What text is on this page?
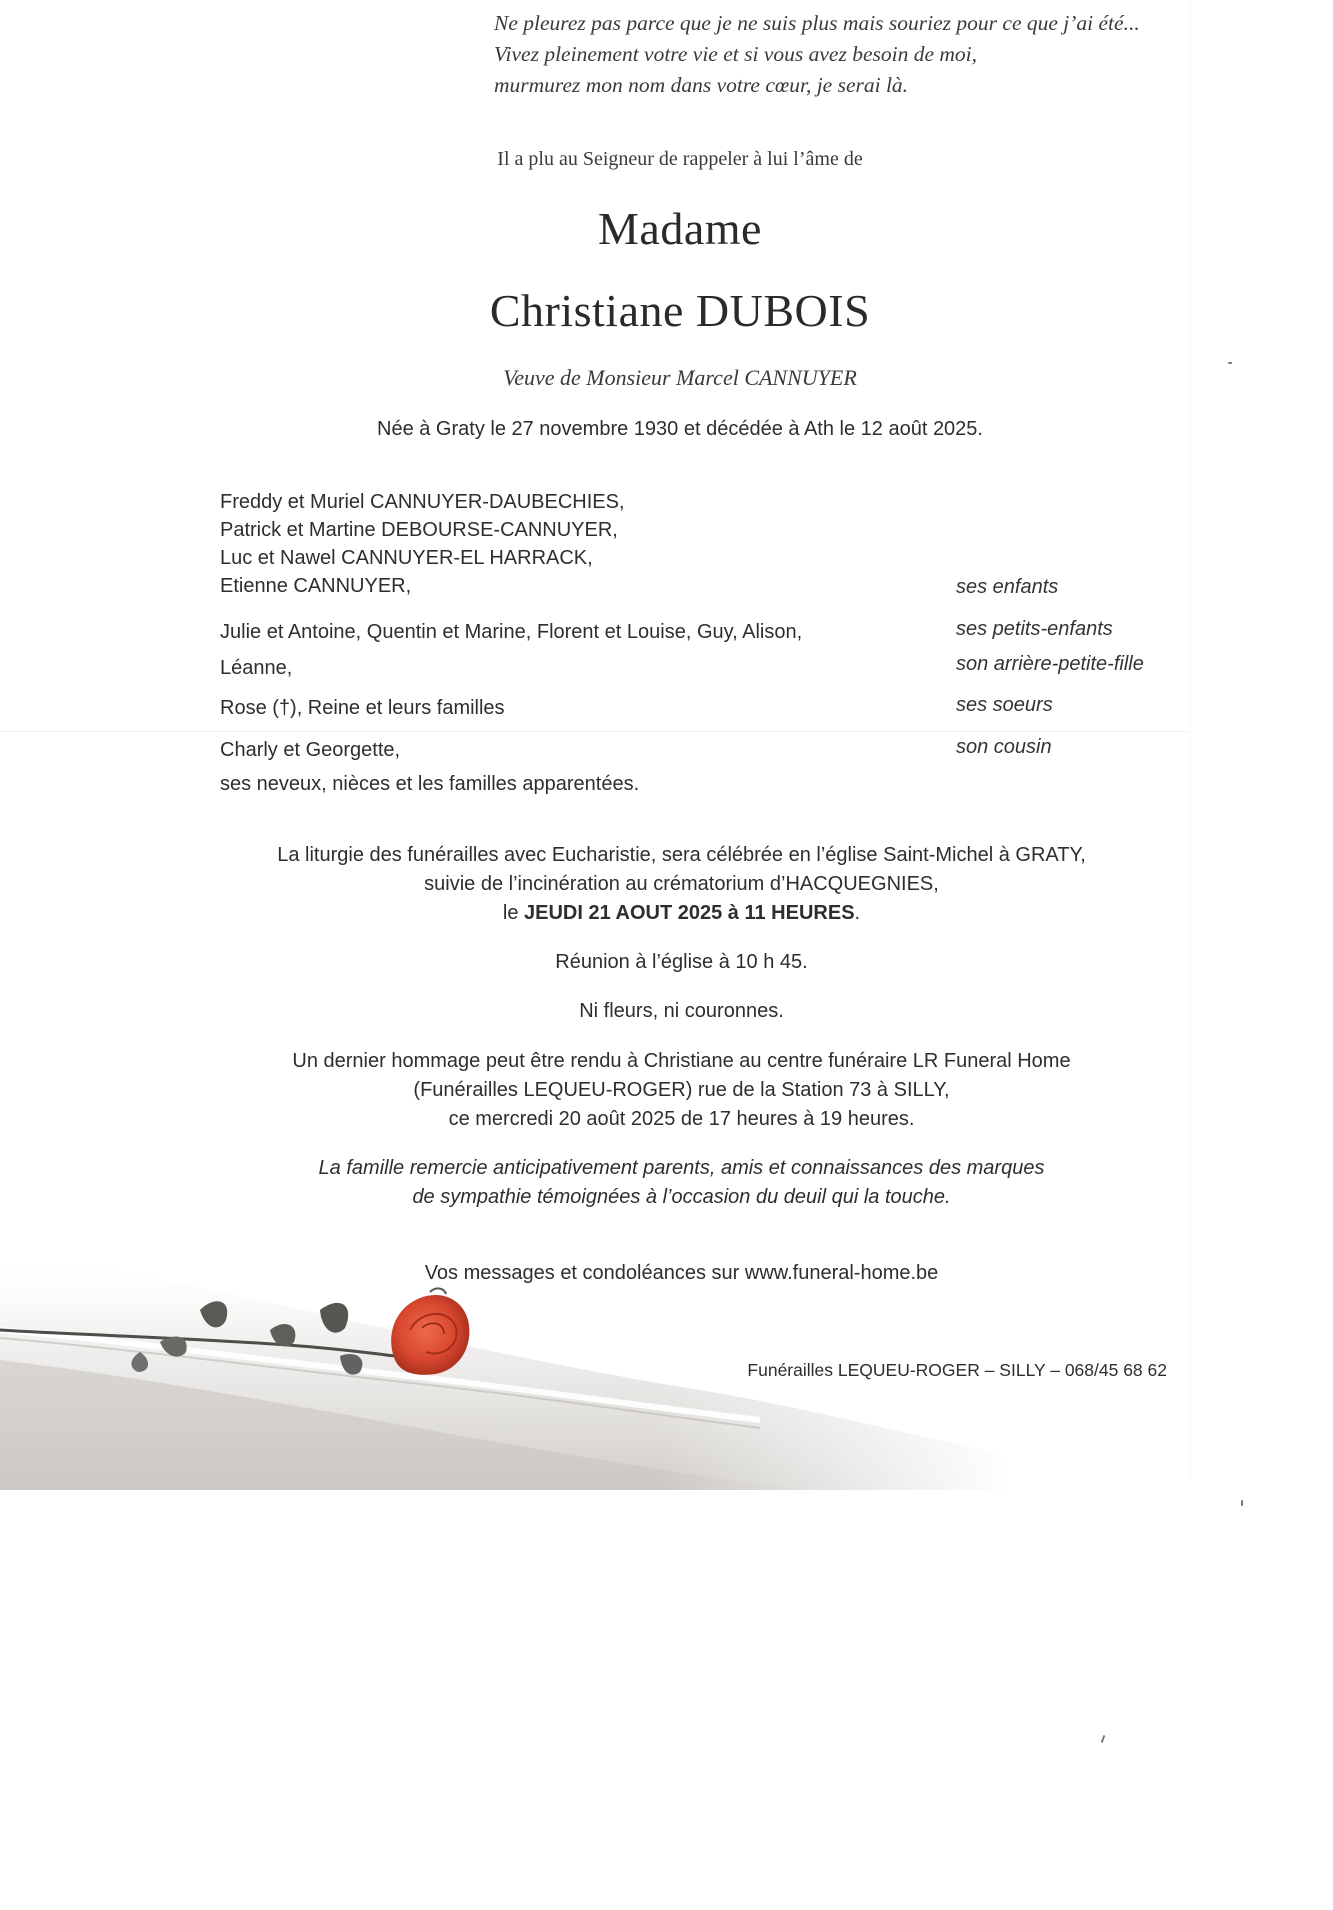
Ne pleurez pas parce que je ne suis plus mais souriez pour ce que j’ai été...
Vivez pleinement votre vie et si vous avez besoin de moi,
murmurez mon nom dans votre cœur, je serai là.
Il a plu au Seigneur de rappeler à lui l’âme de
Madame
Christiane DUBOIS
Veuve de Monsieur Marcel CANNUYER
Née à Graty le 27 novembre 1930 et décédée à Ath le 12 août 2025.
Freddy et Muriel CANNUYER-DAUBECHIES,
Patrick et Martine DEBOURSE-CANNUYER,
Luc et Nawel CANNUYER-EL HARRACK,
Etienne CANNUYER,	ses enfants
Julie et Antoine, Quentin et Marine, Florent et Louise, Guy, Alison,	ses petits-enfants
Léanne,	son arrière-petite-fille
Rose (†), Reine et leurs familles	ses soeurs
Charly et Georgette,	son cousin
ses neveux, nièces et les familles apparentées.
La liturgie des funérailles avec Eucharistie, sera célébrée en l’église Saint-Michel à GRATY,
suivie de l’incinération au crématorium d’HACQUEGNIES,
le JEUDI 21 AOUT 2025 à 11 HEURES.
Réunion à l’église à 10 h 45.
Ni fleurs, ni couronnes.
Un dernier hommage peut être rendu à Christiane au centre funéraire LR Funeral Home
(Funérailles LEQUEU-ROGER) rue de la Station 73 à SILLY,
ce mercredi 20 août 2025 de 17 heures à 19 heures.
La famille remercie anticipativement parents, amis et connaissances des marques
de sympathie témoignées à l’occasion du deuil qui la touche.
Vos messages et condoléances sur www.funeral-home.be
Funérailles LEQUEU-ROGER – SILLY – 068/45 68 62
